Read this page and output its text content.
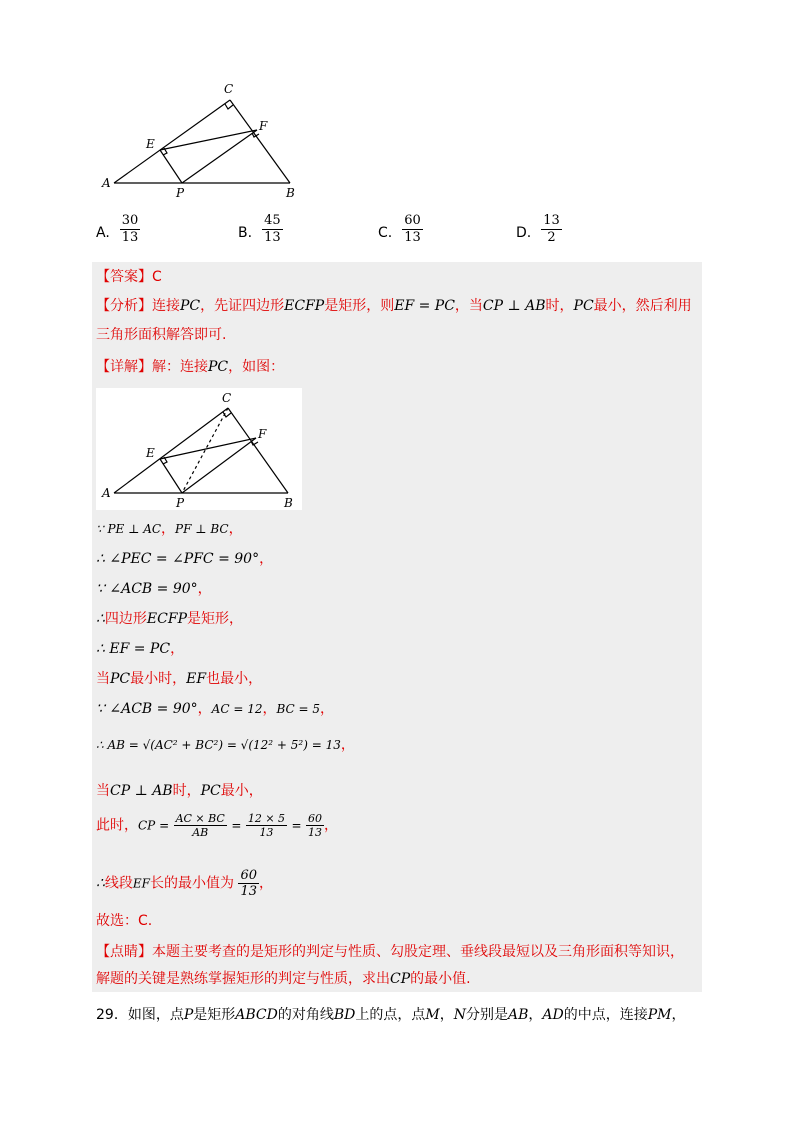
C
F
E
A
P	B
A. $\frac{30}{13}$	B. $\frac{45}{13}$	C. $\frac{60}{13}$	D. $\frac{13}{2}$
【答案】C
【分析】连接PC，先证四边形ECFP是矩形，则EF = PC，当CP ⊥ AB时，PC最小，然后利用
三角形面积解答即可.
【详解】解：连接PC，如图：
C
F
E
A
P	B
∵ PE ⊥ AC，PF ⊥ BC，
∴ ∠PEC = ∠PFC = 90°，
∵ ∠ACB = 90°，
∴四边形ECFP是矩形，
∴ EF = PC，
当PC最小时，EF也最小，
∵ ∠ACB = 90°，AC = 12，BC = 5，
∴ AB = √(AC² + BC²) = √(12² + 5²) = 13，
当CP ⊥ AB时，PC最小，
此时，CP = $\frac{AC \times BC}{AB} = \frac{12 \times 5}{13} = \frac{60}{13}$ ，
∴线段EF长的最小值为 $\frac{60}{13}$ ，
故选：C.
【点睛】本题主要考查的是矩形的判定与性质、勾股定理、垂线段最短以及三角形面积等知识，
解题的关键是熟练掌握矩形的判定与性质，求出CP的最小值.
29．如图，点P是矩形ABCD的对角线BD上的点，点M，N分别是AB，AD的中点，连接PM，
